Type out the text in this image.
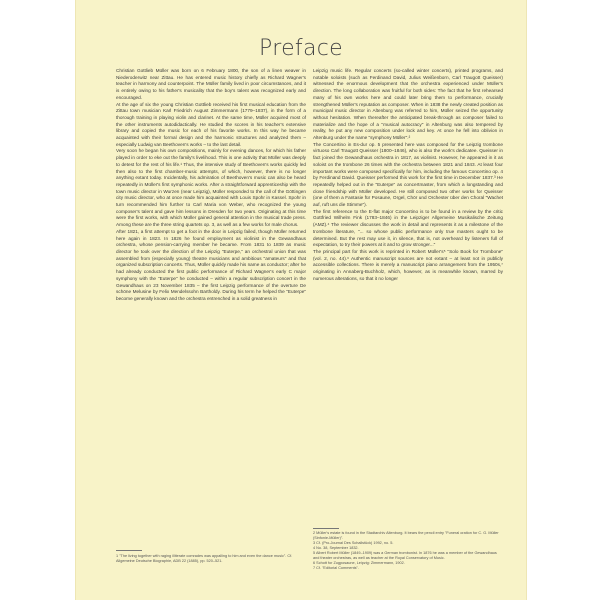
Preface

Christian Gottlieb Müller was born on 6 February 1800, the son of a linen weaver in Niederoderwitz near Zittau. He has entered music history chiefly as Richard Wagner's teacher in harmony and counterpoint. The Müller family lived in poor circumstances, and it is entirely owing to his father's musicality that the boy's talent was recognized early and encouraged.

At the age of six the young Christian Gottlieb received his first musical education from the Zittau town musician Karl Friedrich August Zimmermann (1779–1837), in the form of a thorough training in playing violin and clarinet. At the same time, Müller acquired most of the other instruments autodidactically. He studied the scores in his teacher's extensive library and copied the music for each of his favorite works. In this way he became acquainted with their formal design and the harmonic structures and analyzed them – especially Ludwig van Beethoven's works – to the last detail.

Very soon he began his own compositions, mainly for evening dances, for which his father played in order to eke out the family's livelihood. This is one activity that Müller was deeply to detest for the rest of his life.¹ Thus, the intensive study of Beethoven's works quickly led then also to the first chamber-music attempts, of which, however, there is no longer anything extant today. Incidentally, his admiration of Beethoven's music can also be heard repeatedly in Müller's first symphonic works. After a straightforward apprenticeship with the town music director in Wurzen (near Leipzig), Müller responded to the call of the Göttingen city music director, who at once made him acquainted with Louis Spohr in Kassel. Spohr in turn recommended him further to Carl Maria von Weber, who recognized the young composer's talent and gave him lessons in Dresden for two years. Originating at this time were the first works, with which Müller gained general attention in the musical trade press. Among these are the three string quartets op. 3, as well as a few works for male chorus.

After 1821, a first attempt to get a foot in the door in Leipzig failed, though Müller returned here again in 1823. In 1826 he found employment as violinist in the Gewandhaus orchestra, whose pension-carrying member he became. From 1831 to 1839 as music director he took over the direction of the Leipzig "Euterpe," an orchestral union that was assembled from (especially young) theatre musicians and ambitious "amateurs" and that organized subscription concerts. Thus, Müller quickly made his name as conductor; after he had already conducted the first public performance of Richard Wagner's early C major symphony with the "Euterpe" he conducted – within a regular subscription concert in the Gewandhaus on 23 November 1835 – the first Leipzig performance of the overture De schöne Melusine by Felix Mendelssohn Bartholdy. During his term he helped the "Euterpe" become generally known and the orchestra entrenched in a solid greatness in

Leipzig music life. Regular concerts (so-called winter concerts), printed programs, and notable soloists (such as Ferdinand David, Julius Weißenborn, Carl Traugott Queisser) witnessed the enormous development that the orchestra experienced under Müller's direction. The long collaboration was fruitful for both sides: The fact that he first rehearsed many of his own works here and could later bring them to performance, crucially strengthened Müller's reputation as composer. When in 1838 the newly created position as municipal music director in Altenburg was referred to him, Müller seized the opportunity without hesitation. When thereafter the anticipated break-through as composer failed to materialize and the hope of a "musical autocracy" in Altenburg was also tempered by reality, he put any new composition under lock and key. At once he fell into oblivion in Altenburg under the name "symphony Müller".²

The Concertino in Es-dur op. 5 presented here was composed for the Leipzig trombone virtuoso Carl Traugott Queisser (1800–1846), who is also the work's dedicatee. Queisser in fact joined the Gewandhaus orchestra in 1817, as violinist. However, he appeared in it as soloist on the trombone 26 times with the orchestra between 1821 and 1843. At least four important works were composed specifically for him, including the famous Concertino op. 4 by Ferdinand David. Queisser performed this work for the first time in December 1837.³ He repeatedly helped out in the "Euterpe" as concertmaster, from which a longstanding and close friendship with Müller developed. He still composed two other works for Queisser (one of them a Fantasie für Posaune, Orgel, Chör und Orchester über den Choral "Wachet auf, ruft uns die Stimme").

The first reference to the E-flat major Concertino is to be found in a review by the critic Gottfried Wilhelm Fink (1783–1846) in the Leipziger Allgemeine Musikalische Zeitung (AMZ).⁴ The reviewer discusses the work in detail and represents it as a milestone of the trombone literature, "... so whose public performance only true masters ought to be determined. But the rest may use it, in silence, that is, not overheard by listeners full of expectation, to try their powers at it and to grow stronger..."

The principal part for this work is reprinted in Robert Müller's⁵ "Solo Book for Trombone" (vol. 2, no. 44).⁶ Authentic manuscript sources are not extant – at least not in publicly accessible collections. There is merely a manuscript piano arrangement from the 1950s,⁷ originating in Annaberg-Buchholz, which, however, as is meanwhile known, marred by numerous alterations, so that it no longer

1 "The living together with raging illiterate comrades was appalling to him and even the dance music". Cf. Allgemeine Deutsche Biographie, ADB 22 (1885), pp. 520–521.
2 Müller's estate is found in the Stadtarchiv Altenburg. It bears the pencil entry "Funeral oration for C. G. Müller (Sinfonie-Müller)".
3 Cf. (Pro-Journal Des Schallstück) 1992, no. 5.
4 No. 38, September 1832.
5 Albert Robert Müller (1849–1909) was a German trombonist. In 1876 he was a member of the Gewandhaus and theater orchestras, as well as teacher at the Royal Conservatory of Music.
6 Schott for Zugposaune, Leipzig: Zimmermann, 1902.
7 Cf. "Editorial Comments".
